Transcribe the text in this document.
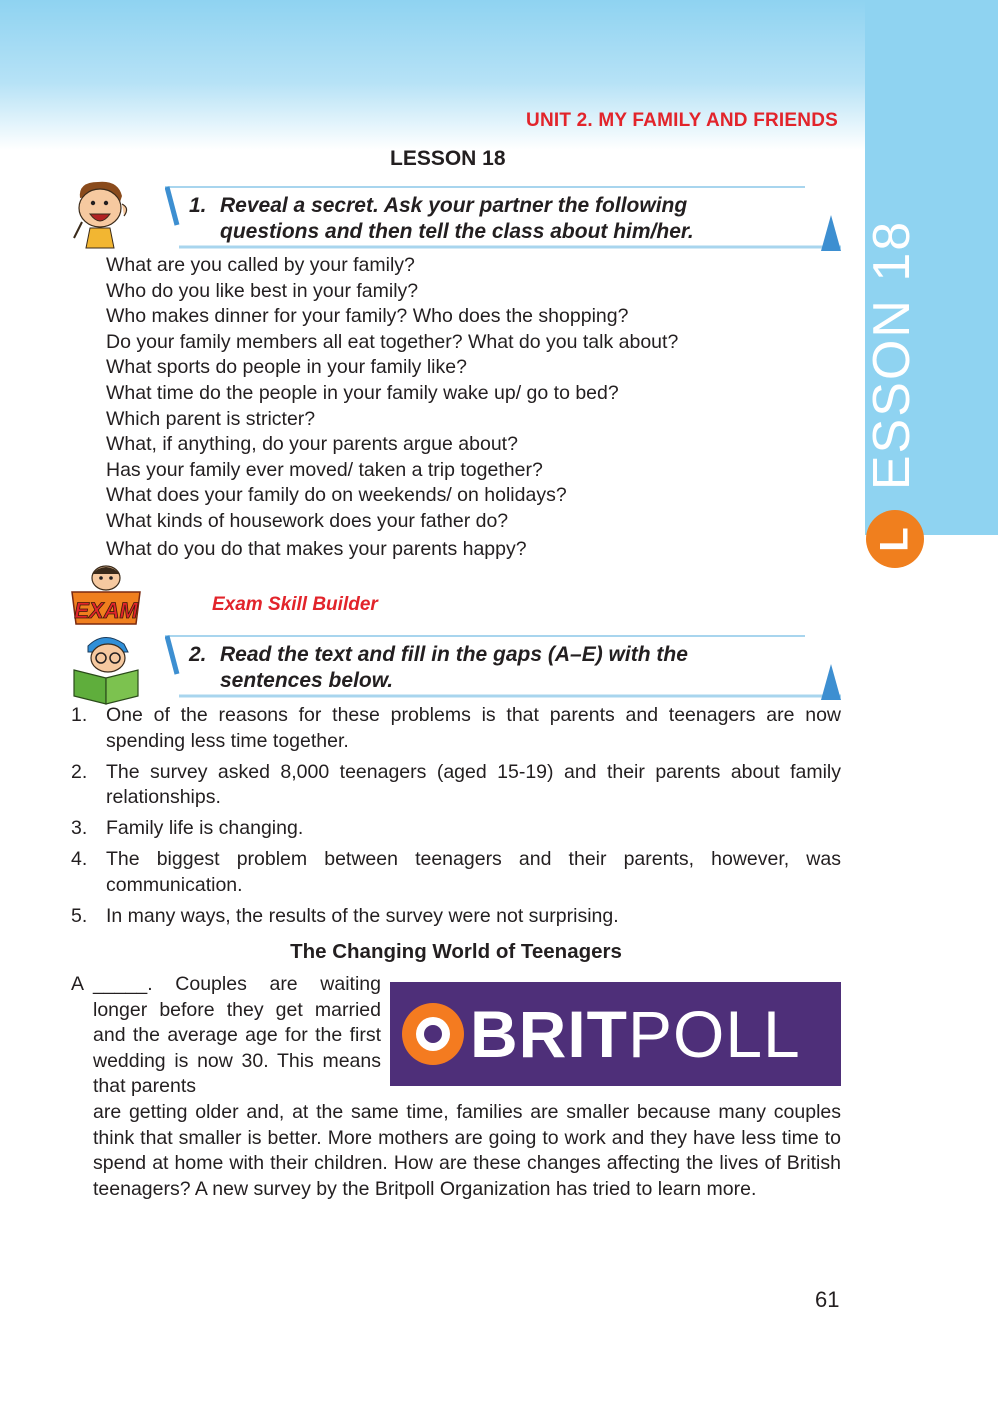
ESSON 18
L
UNIT 2. MY FAMILY AND FRIENDS
LESSON 18
1. Reveal a secret. Ask your partner the following
questions and then tell the class about him/her.
What are you called by your family?
Who do you like best in your family?
Who makes dinner for your family? Who does the shopping?
Do your family members all eat together? What do you talk about?
What sports do people in your family like?
What time do the people in your family wake up/ go to bed?
Which parent is stricter?
What, if anything, do your parents argue about?
Has your family ever moved/ taken a trip together?
What does your family do on weekends/ on holidays?
What kinds of housework does your father do?
What do you do that makes your parents happy?
EXAM	Exam Skill Builder
2. Read the text and fill in the gaps (A–E) with the
sentences below.
1. One of the reasons for these problems is that parents and teenagers are now spending less time together.
2. The survey asked 8,000 teenagers (aged 15-19) and their parents about family relationships.
3. Family life is changing.
4. The biggest problem between teenagers and their parents, however, was communication.
5. In many ways, the results of the survey were not surprising.
The Changing World of Teenagers
A _____. Couples are waiting longer before they get married and the average age for the first wedding is now 30. This means that parents
are getting older and, at the same time, families are smaller because many couples think that smaller is better. More mothers are going to work and they have less time to spend at home with their children. How are these changes affecting the lives of British teenagers? A new survey by the Britpoll Organization has tried to learn more.
BRITPOLL
61
